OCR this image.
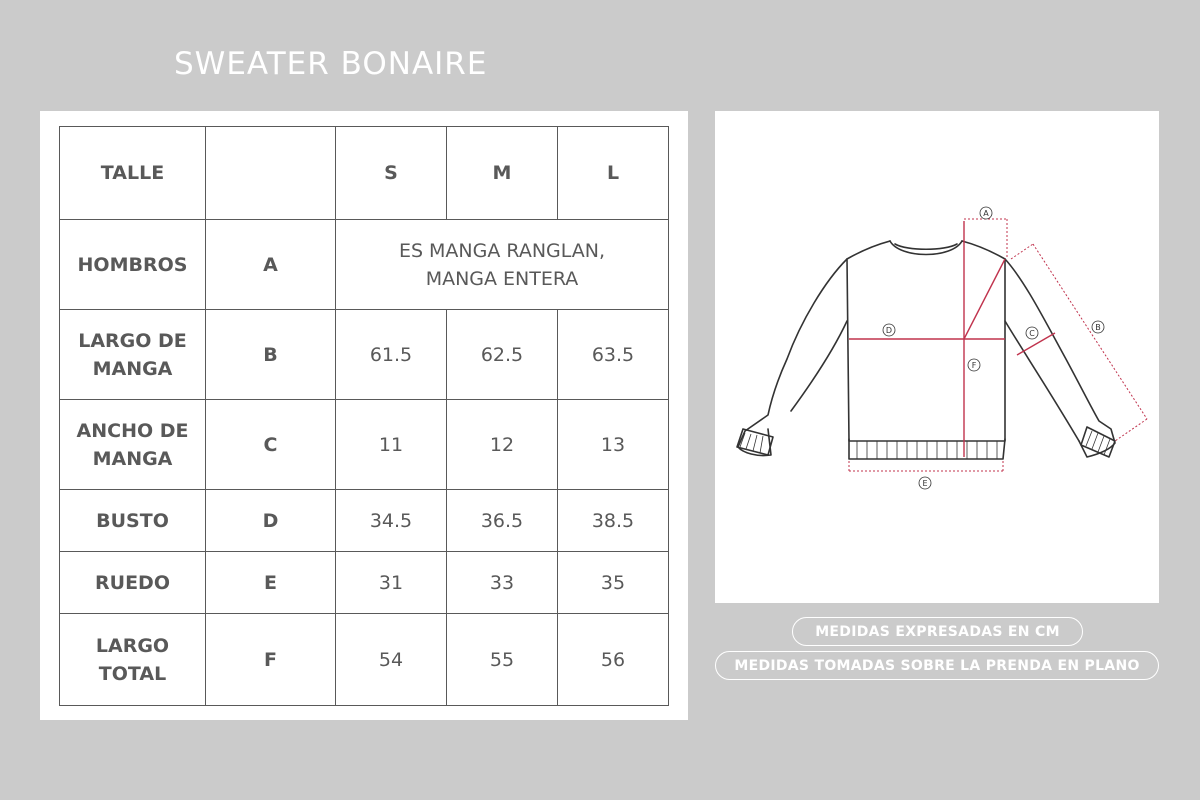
SWEATER BONAIRE
TALLE		S	M	L
HOMBROS	A	ES MANGA RANGLAN,
MANGA ENTERA		
LARGO DE
MANGA	B	61.5	62.5	63.5
ANCHO DE
MANGA	C	11	12	13
BUSTO	D	34.5	36.5	38.5
RUEDO	E	31	33	35
LARGO
TOTAL	F	54	55	56
A
B
C
D
E
F
MEDIDAS EXPRESADAS EN CM
MEDIDAS TOMADAS SOBRE LA PRENDA EN PLANO
